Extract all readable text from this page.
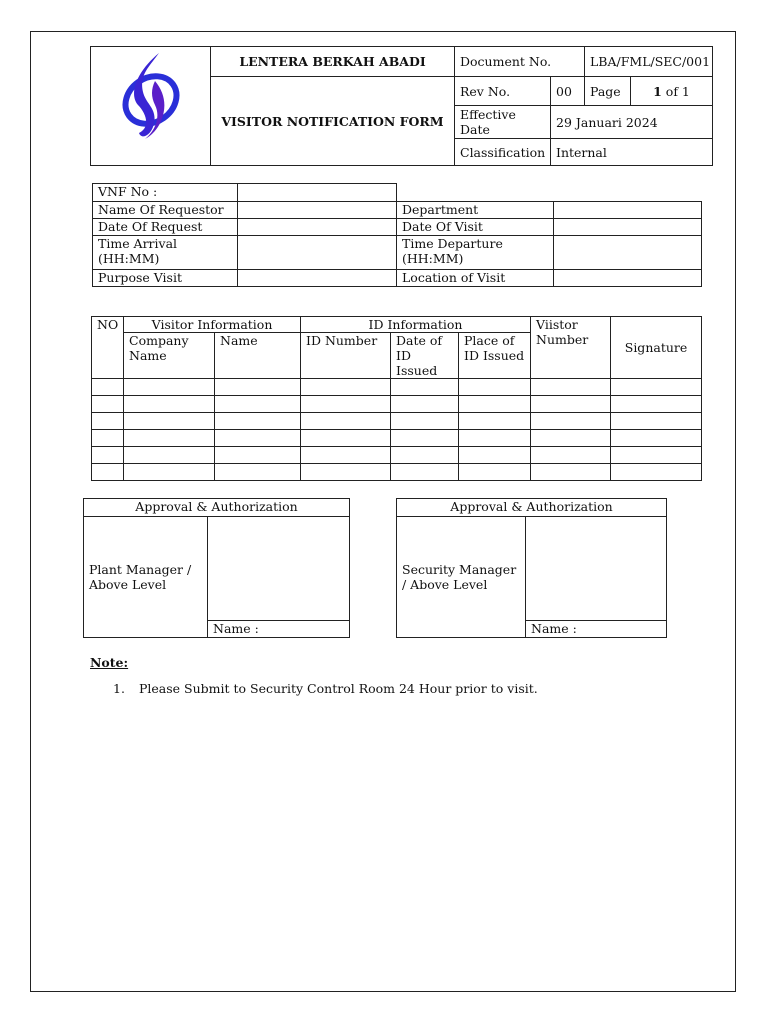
LENTERA BERKAH ABADI	Document No.		LBA/FML/SEC/001	
VISITOR NOTIFICATION FORM	Rev No.	00	Page	1 of 1
	Effective Date	29 Januari 2024		
	Classification	Internal		
VNF No :			
Name Of Requestor		Department	
Date Of Request		Date Of Visit	
Time Arrival (HH:MM)		Time Departure (HH:MM)	
Purpose Visit		Location of Visit	
NO	Visitor Information		ID Information			Viistor Number	Signature
	Company Name	Name	ID Number	Date of ID Issued	Place of ID Issued		

Approval & Authorization
Plant Manager / Above Level	
Name :
Approval & Authorization
Security Manager / Above Level	
Name :
Note:
1. Please Submit to Security Control Room 24 Hour prior to visit.
